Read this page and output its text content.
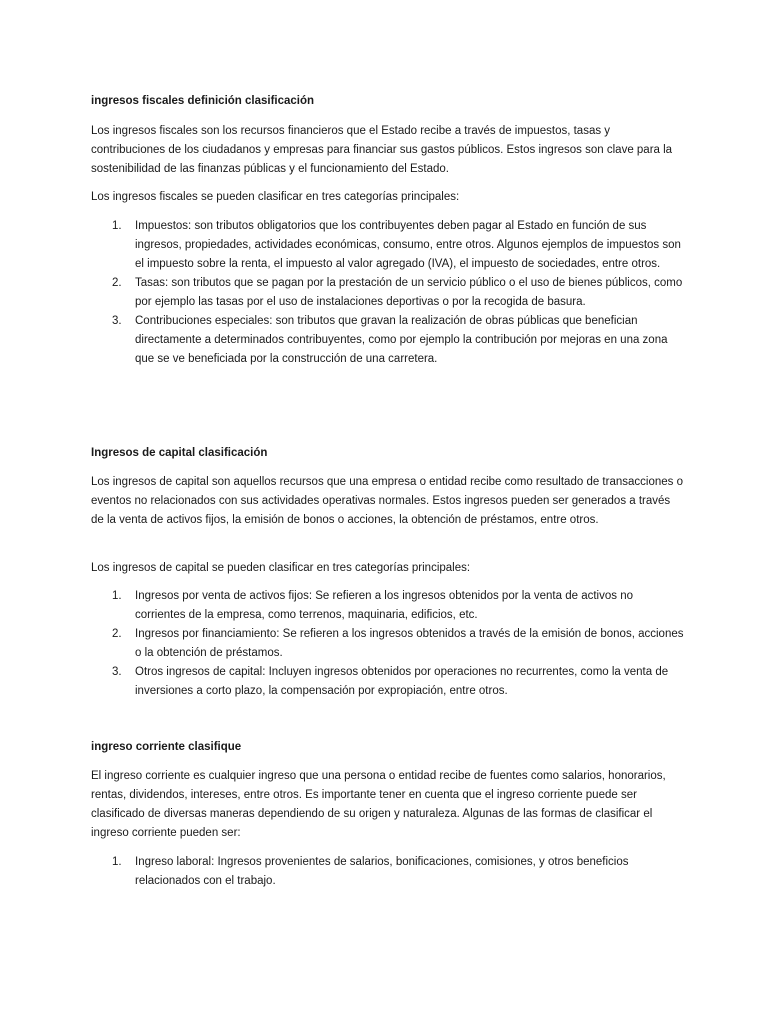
ingresos fiscales definición clasificación

Los ingresos fiscales son los recursos financieros que el Estado recibe a través de impuestos, tasas y contribuciones de los ciudadanos y empresas para financiar sus gastos públicos. Estos ingresos son clave para la sostenibilidad de las finanzas públicas y el funcionamiento del Estado.

Los ingresos fiscales se pueden clasificar en tres categorías principales:

1. Impuestos: son tributos obligatorios que los contribuyentes deben pagar al Estado en función de sus ingresos, propiedades, actividades económicas, consumo, entre otros. Algunos ejemplos de impuestos son el impuesto sobre la renta, el impuesto al valor agregado (IVA), el impuesto de sociedades, entre otros.
2. Tasas: son tributos que se pagan por la prestación de un servicio público o el uso de bienes públicos, como por ejemplo las tasas por el uso de instalaciones deportivas o por la recogida de basura.
3. Contribuciones especiales: son tributos que gravan la realización de obras públicas que benefician directamente a determinados contribuyentes, como por ejemplo la contribución por mejoras en una zona que se ve beneficiada por la construcción de una carretera.

Ingresos de capital clasificación

Los ingresos de capital son aquellos recursos que una empresa o entidad recibe como resultado de transacciones o eventos no relacionados con sus actividades operativas normales. Estos ingresos pueden ser generados a través de la venta de activos fijos, la emisión de bonos o acciones, la obtención de préstamos, entre otros.

Los ingresos de capital se pueden clasificar en tres categorías principales:

1. Ingresos por venta de activos fijos: Se refieren a los ingresos obtenidos por la venta de activos no corrientes de la empresa, como terrenos, maquinaria, edificios, etc.
2. Ingresos por financiamiento: Se refieren a los ingresos obtenidos a través de la emisión de bonos, acciones o la obtención de préstamos.
3. Otros ingresos de capital: Incluyen ingresos obtenidos por operaciones no recurrentes, como la venta de inversiones a corto plazo, la compensación por expropiación, entre otros.

ingreso corriente clasifique

El ingreso corriente es cualquier ingreso que una persona o entidad recibe de fuentes como salarios, honorarios, rentas, dividendos, intereses, entre otros. Es importante tener en cuenta que el ingreso corriente puede ser clasificado de diversas maneras dependiendo de su origen y naturaleza. Algunas de las formas de clasificar el ingreso corriente pueden ser:

1. Ingreso laboral: Ingresos provenientes de salarios, bonificaciones, comisiones, y otros beneficios relacionados con el trabajo.
